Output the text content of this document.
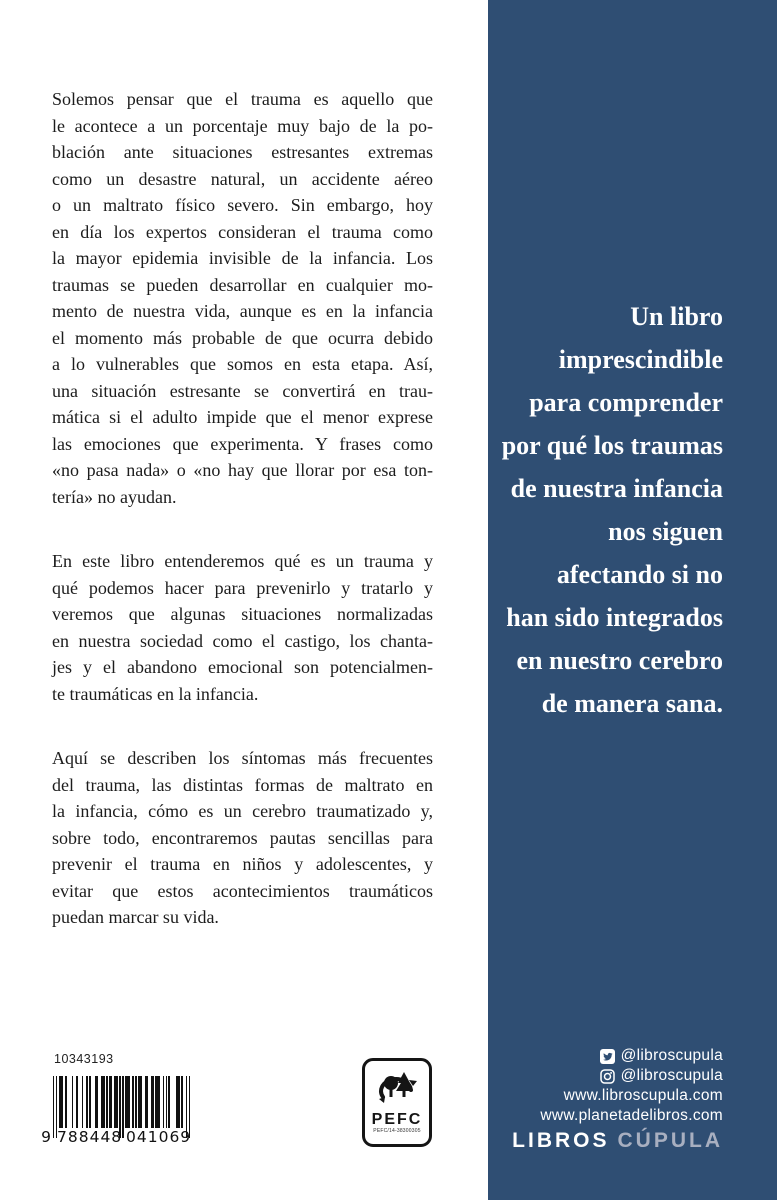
Solemos pensar que el trauma es aquello que
le acontece a un porcentaje muy bajo de la po-
blación ante situaciones estresantes extremas
como un desastre natural, un accidente aéreo
o un maltrato físico severo. Sin embargo, hoy
en día los expertos consideran el trauma como
la mayor epidemia invisible de la infancia. Los
traumas se pueden desarrollar en cualquier mo-
mento de nuestra vida, aunque es en la infancia
el momento más probable de que ocurra debido
a lo vulnerables que somos en esta etapa. Así,
una situación estresante se convertirá en trau-
mática si el adulto impide que el menor exprese
las emociones que experimenta. Y frases como
«no pasa nada» o «no hay que llorar por esa ton-
tería» no ayudan.
En este libro entenderemos qué es un trauma y
qué podemos hacer para prevenirlo y tratarlo y
veremos que algunas situaciones normalizadas
en nuestra sociedad como el castigo, los chanta-
jes y el abandono emocional son potencialmen-
te traumáticas en la infancia.
Aquí se describen los síntomas más frecuentes
del trauma, las distintas formas de maltrato en
la infancia, cómo es un cerebro traumatizado y,
sobre todo, encontraremos pautas sencillas para
prevenir el trauma en niños y adolescentes, y
evitar que estos acontecimientos traumáticos
puedan marcar su vida.
Un libro
imprescindible
para comprender
por qué los traumas
de nuestra infancia
nos siguen
afectando si no
han sido integrados
en nuestro cerebro
de manera sana.
@libroscupula
@libroscupula
www.libroscupula.com
www.planetadelibros.com
LIBROS CÚPULA
10343193
9 788448 041069
PEFC
PEFC/14-38300305
